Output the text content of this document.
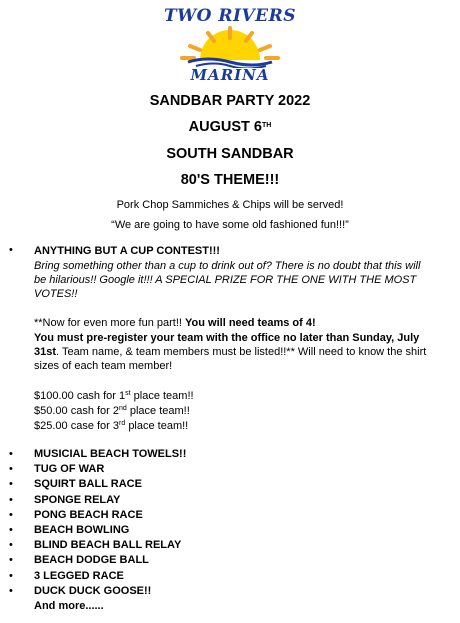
TWO RIVERS
MARINA
SANDBAR PARTY 2022
AUGUST 6TH
SOUTH SANDBAR
80'S THEME!!!
Pork Chop Sammiches & Chips will be served!
“We are going to have some old fashioned fun!!!”
• ANYTHING BUT A CUP CONTEST!!!
Bring something other than a cup to drink out of? There is no doubt that this will
be hilarious!! Google it!!! A SPECIAL PRIZE FOR THE ONE WITH THE MOST
VOTES!!
**Now for even more fun part!! You will need teams of 4!
You must pre-register your team with the office no later than Sunday, July
31st. Team name, & team members must be listed!!** Will need to know the shirt
sizes of each team member!
$100.00 cash for 1st place team!!
$50.00 cash for 2nd place team!!
$25.00 case for 3rd place team!!
• MUSICIAL BEACH TOWELS!!
• TUG OF WAR
• SQUIRT BALL RACE
• SPONGE RELAY
• PONG BEACH RACE
• BEACH BOWLING
• BLIND BEACH BALL RELAY
• BEACH DODGE BALL
• 3 LEGGED RACE
• DUCK DUCK GOOSE!!
And more......
